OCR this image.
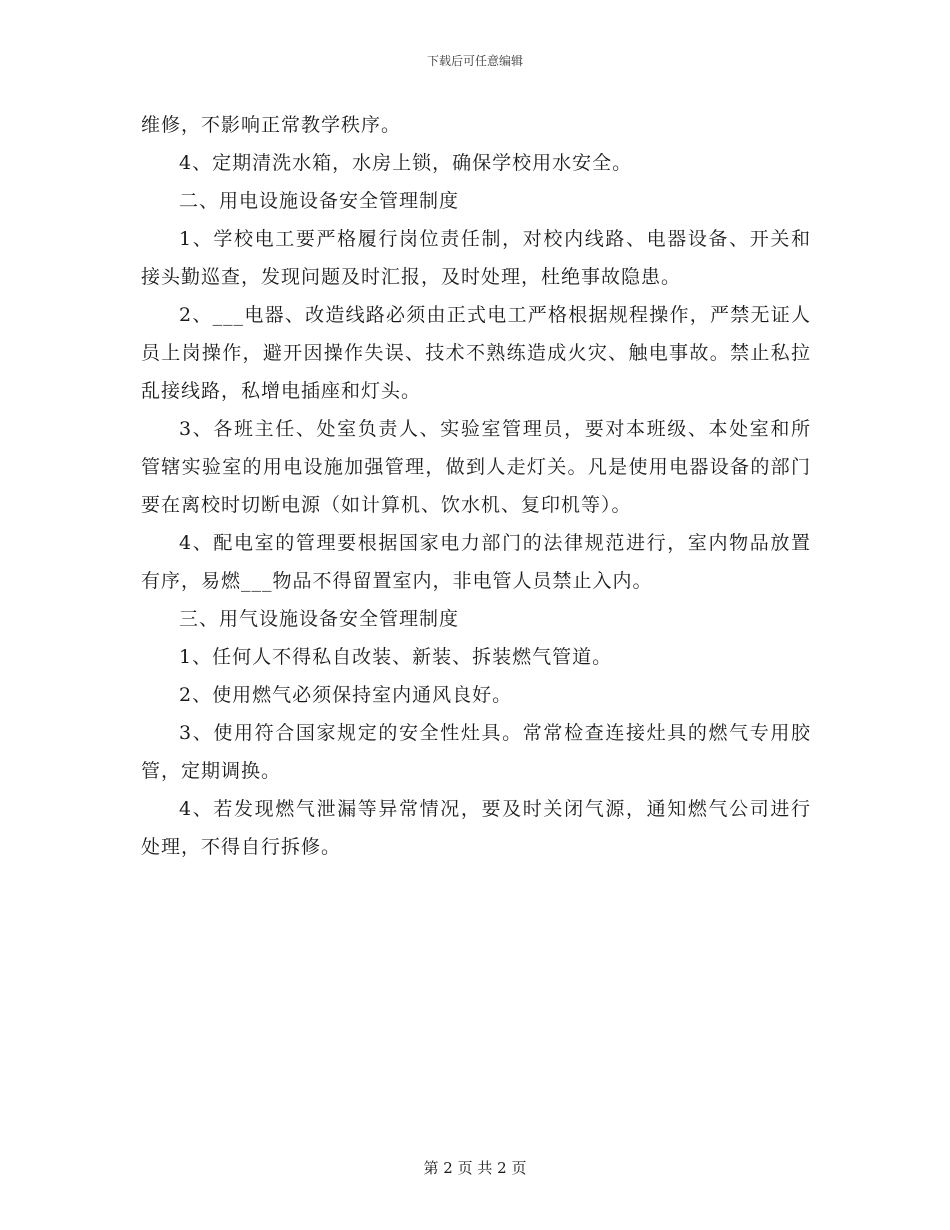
下载后可任意编辑

维修，不影响正常教学秩序。

4、定期清洗水箱，水房上锁，确保学校用水安全。

二、用电设施设备安全管理制度

1、学校电工要严格履行岗位责任制，对校内线路、电器设备、开关和接头勤巡查，发现问题及时汇报，及时处理，杜绝事故隐患。

2、___电器、改造线路必须由正式电工严格根据规程操作，严禁无证人员上岗操作，避开因操作失误、技术不熟练造成火灾、触电事故。禁止私拉乱接线路，私增电插座和灯头。

3、各班主任、处室负责人、实验室管理员，要对本班级、本处室和所管辖实验室的用电设施加强管理，做到人走灯关。凡是使用电器设备的部门要在离校时切断电源（如计算机、饮水机、复印机等）。

4、配电室的管理要根据国家电力部门的法律规范进行，室内物品放置有序，易燃___物品不得留置室内，非电管人员禁止入内。

三、用气设施设备安全管理制度

1、任何人不得私自改装、新装、拆装燃气管道。

2、使用燃气必须保持室内通风良好。

3、使用符合国家规定的安全性灶具。常常检查连接灶具的燃气专用胶管，定期调换。

4、若发现燃气泄漏等异常情况，要及时关闭气源，通知燃气公司进行处理，不得自行拆修。

第 2 页 共 2 页
